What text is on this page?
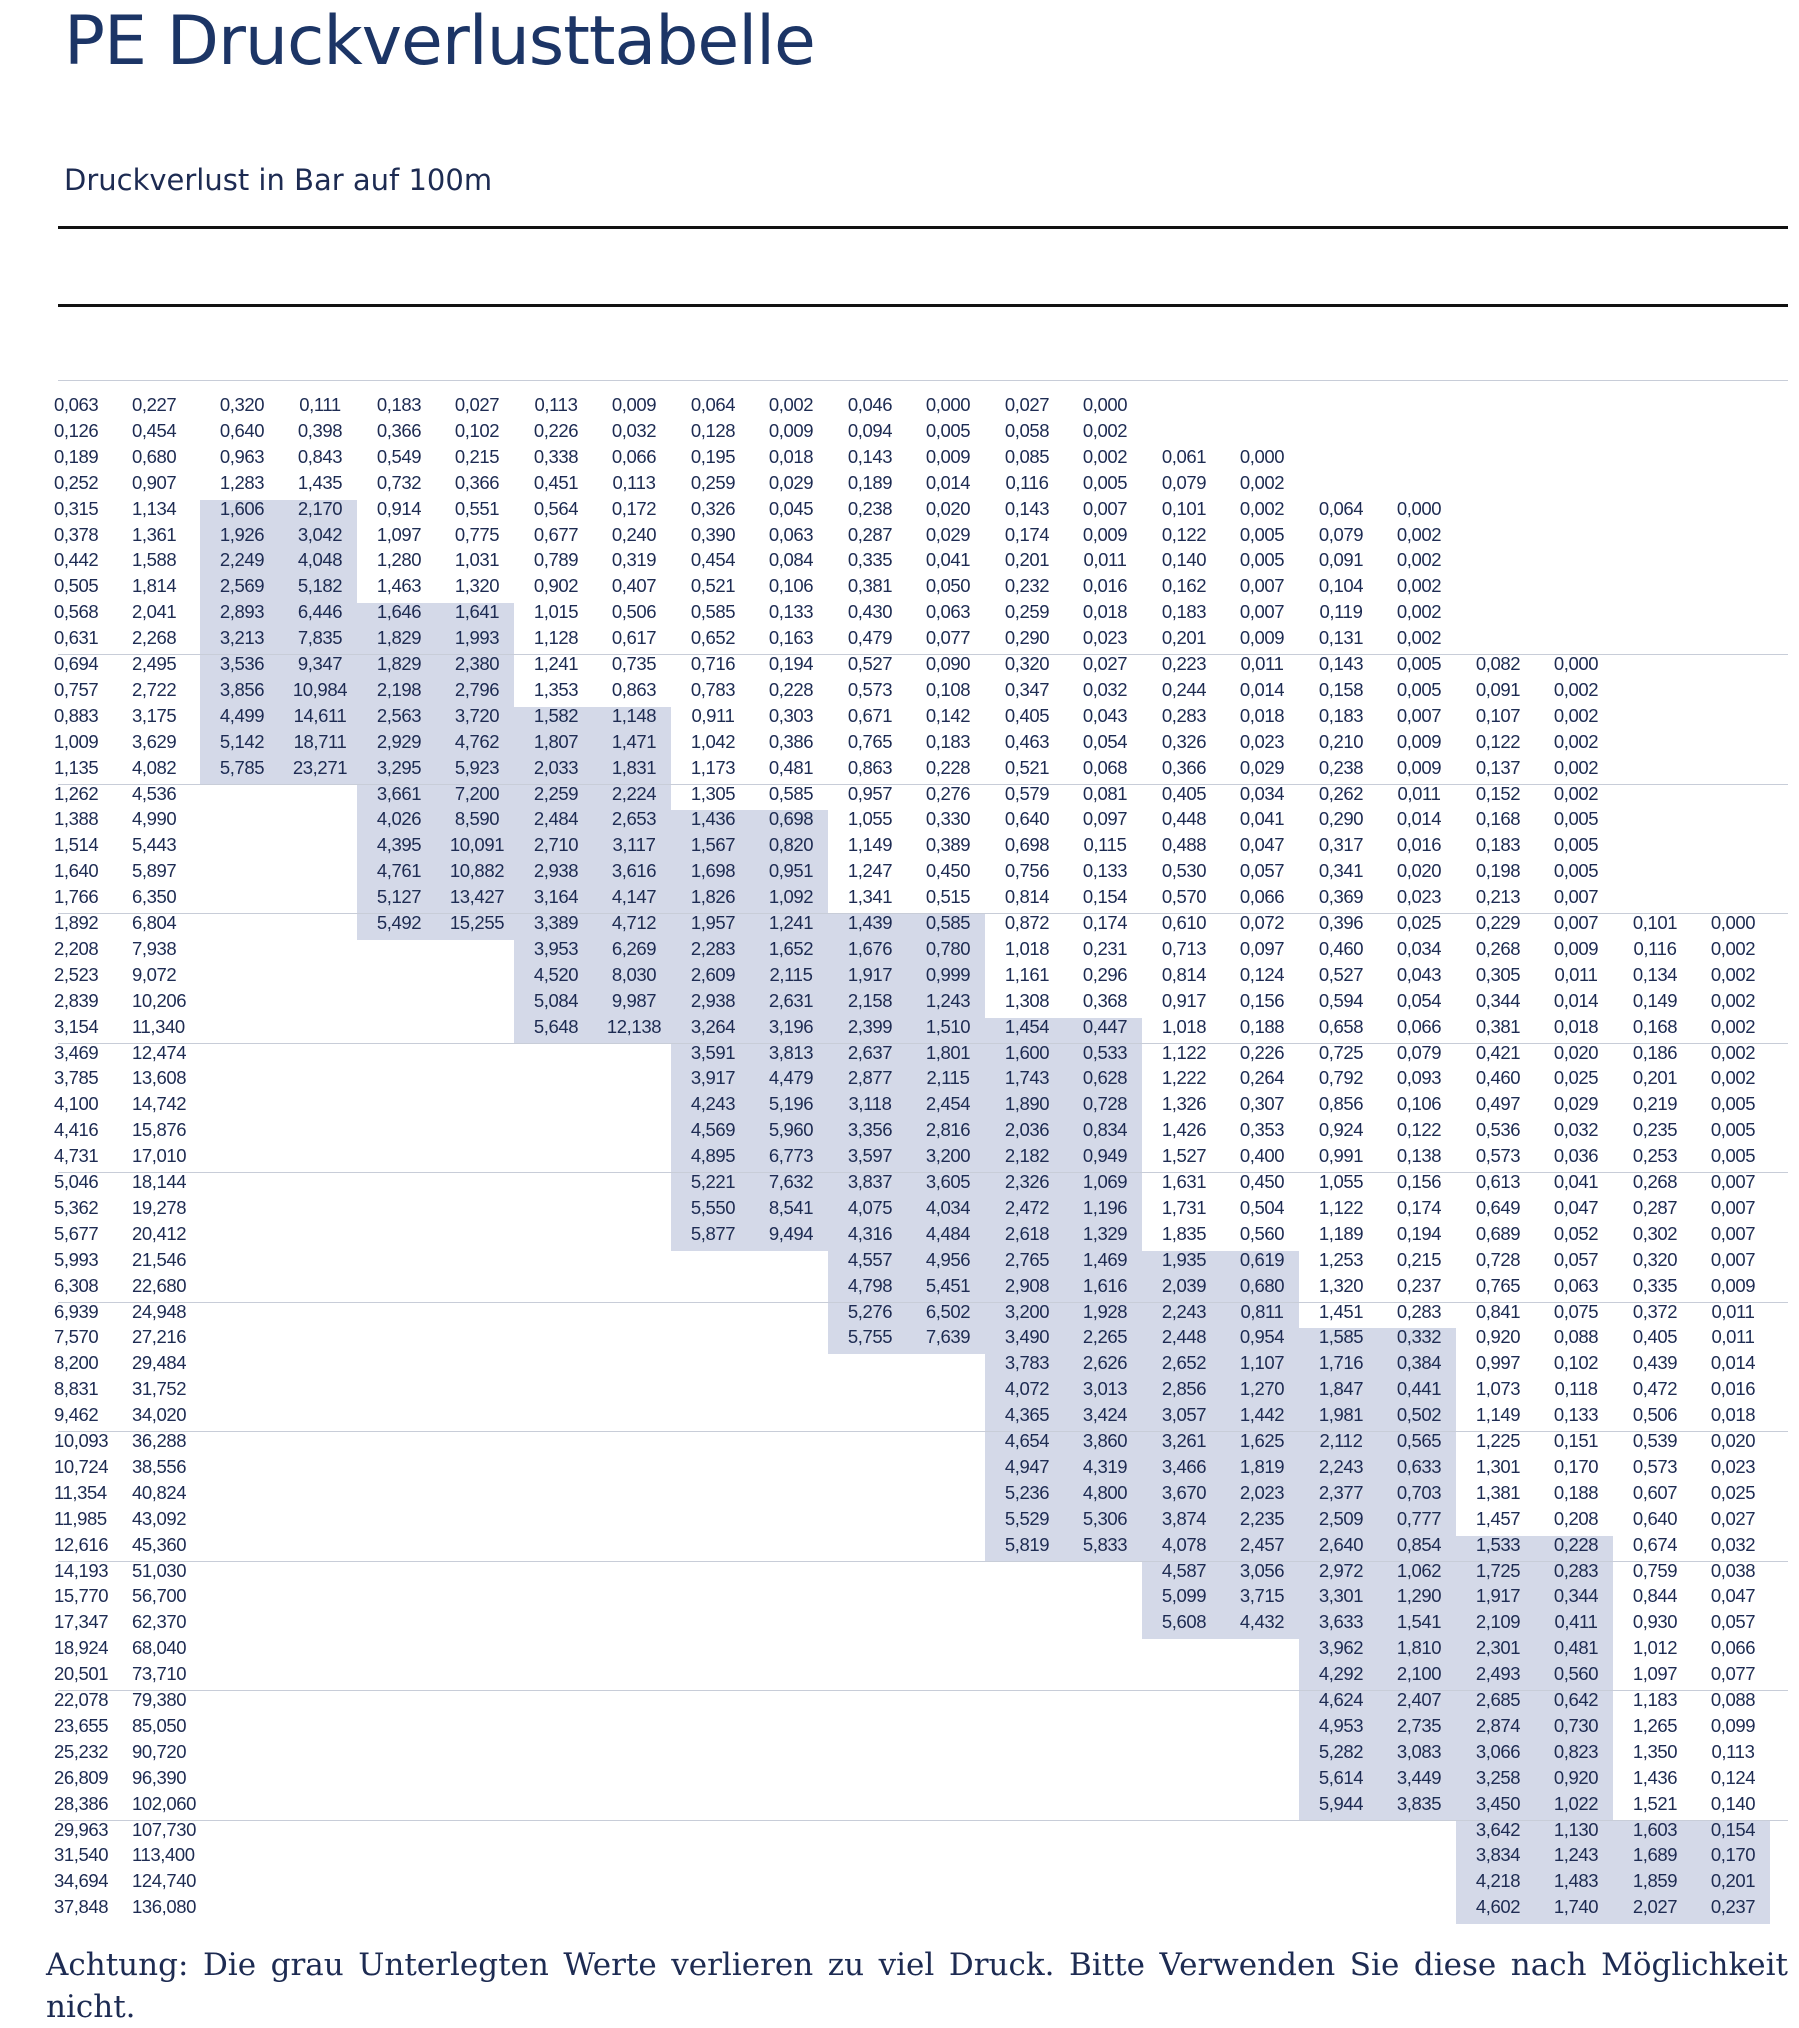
PE Druckverlusttabelle
Druckverlust in Bar auf 100m
0,063	0,227	0,320	0,111	0,183	0,027	0,113	0,009	0,064	0,002	0,046	0,000	0,027	0,000
0,126	0,454	0,640	0,398	0,366	0,102	0,226	0,032	0,128	0,009	0,094	0,005	0,058	0,002
0,189	0,680	0,963	0,843	0,549	0,215	0,338	0,066	0,195	0,018	0,143	0,009	0,085	0,002	0,061	0,000
0,252	0,907	1,283	1,435	0,732	0,366	0,451	0,113	0,259	0,029	0,189	0,014	0,116	0,005	0,079	0,002
0,315	1,134	1,606	2,170	0,914	0,551	0,564	0,172	0,326	0,045	0,238	0,020	0,143	0,007	0,101	0,002	0,064	0,000
0,378	1,361	1,926	3,042	1,097	0,775	0,677	0,240	0,390	0,063	0,287	0,029	0,174	0,009	0,122	0,005	0,079	0,002
0,442	1,588	2,249	4,048	1,280	1,031	0,789	0,319	0,454	0,084	0,335	0,041	0,201	0,011	0,140	0,005	0,091	0,002
0,505	1,814	2,569	5,182	1,463	1,320	0,902	0,407	0,521	0,106	0,381	0,050	0,232	0,016	0,162	0,007	0,104	0,002
0,568	2,041	2,893	6,446	1,646	1,641	1,015	0,506	0,585	0,133	0,430	0,063	0,259	0,018	0,183	0,007	0,119	0,002
0,631	2,268	3,213	7,835	1,829	1,993	1,128	0,617	0,652	0,163	0,479	0,077	0,290	0,023	0,201	0,009	0,131	0,002
0,694	2,495	3,536	9,347	1,829	2,380	1,241	0,735	0,716	0,194	0,527	0,090	0,320	0,027	0,223	0,011	0,143	0,005	0,082	0,000
0,757	2,722	3,856	10,984	2,198	2,796	1,353	0,863	0,783	0,228	0,573	0,108	0,347	0,032	0,244	0,014	0,158	0,005	0,091	0,002
0,883	3,175	4,499	14,611	2,563	3,720	1,582	1,148	0,911	0,303	0,671	0,142	0,405	0,043	0,283	0,018	0,183	0,007	0,107	0,002
1,009	3,629	5,142	18,711	2,929	4,762	1,807	1,471	1,042	0,386	0,765	0,183	0,463	0,054	0,326	0,023	0,210	0,009	0,122	0,002
1,135	4,082	5,785	23,271	3,295	5,923	2,033	1,831	1,173	0,481	0,863	0,228	0,521	0,068	0,366	0,029	0,238	0,009	0,137	0,002
1,262	4,536	3,661	7,200	2,259	2,224	1,305	0,585	0,957	0,276	0,579	0,081	0,405	0,034	0,262	0,011	0,152	0,002
1,388	4,990	4,026	8,590	2,484	2,653	1,436	0,698	1,055	0,330	0,640	0,097	0,448	0,041	0,290	0,014	0,168	0,005
1,514	5,443	4,395	10,091	2,710	3,117	1,567	0,820	1,149	0,389	0,698	0,115	0,488	0,047	0,317	0,016	0,183	0,005
1,640	5,897	4,761	10,882	2,938	3,616	1,698	0,951	1,247	0,450	0,756	0,133	0,530	0,057	0,341	0,020	0,198	0,005
1,766	6,350	5,127	13,427	3,164	4,147	1,826	1,092	1,341	0,515	0,814	0,154	0,570	0,066	0,369	0,023	0,213	0,007
1,892	6,804	5,492	15,255	3,389	4,712	1,957	1,241	1,439	0,585	0,872	0,174	0,610	0,072	0,396	0,025	0,229	0,007	0,101	0,000
2,208	7,938	3,953	6,269	2,283	1,652	1,676	0,780	1,018	0,231	0,713	0,097	0,460	0,034	0,268	0,009	0,116	0,002
2,523	9,072	4,520	8,030	2,609	2,115	1,917	0,999	1,161	0,296	0,814	0,124	0,527	0,043	0,305	0,011	0,134	0,002
2,839	10,206	5,084	9,987	2,938	2,631	2,158	1,243	1,308	0,368	0,917	0,156	0,594	0,054	0,344	0,014	0,149	0,002
3,154	11,340	5,648	12,138	3,264	3,196	2,399	1,510	1,454	0,447	1,018	0,188	0,658	0,066	0,381	0,018	0,168	0,002
3,469	12,474	3,591	3,813	2,637	1,801	1,600	0,533	1,122	0,226	0,725	0,079	0,421	0,020	0,186	0,002
3,785	13,608	3,917	4,479	2,877	2,115	1,743	0,628	1,222	0,264	0,792	0,093	0,460	0,025	0,201	0,002
4,100	14,742	4,243	5,196	3,118	2,454	1,890	0,728	1,326	0,307	0,856	0,106	0,497	0,029	0,219	0,005
4,416	15,876	4,569	5,960	3,356	2,816	2,036	0,834	1,426	0,353	0,924	0,122	0,536	0,032	0,235	0,005
4,731	17,010	4,895	6,773	3,597	3,200	2,182	0,949	1,527	0,400	0,991	0,138	0,573	0,036	0,253	0,005
5,046	18,144	5,221	7,632	3,837	3,605	2,326	1,069	1,631	0,450	1,055	0,156	0,613	0,041	0,268	0,007
5,362	19,278	5,550	8,541	4,075	4,034	2,472	1,196	1,731	0,504	1,122	0,174	0,649	0,047	0,287	0,007
5,677	20,412	5,877	9,494	4,316	4,484	2,618	1,329	1,835	0,560	1,189	0,194	0,689	0,052	0,302	0,007
5,993	21,546	4,557	4,956	2,765	1,469	1,935	0,619	1,253	0,215	0,728	0,057	0,320	0,007
6,308	22,680	4,798	5,451	2,908	1,616	2,039	0,680	1,320	0,237	0,765	0,063	0,335	0,009
6,939	24,948	5,276	6,502	3,200	1,928	2,243	0,811	1,451	0,283	0,841	0,075	0,372	0,011
7,570	27,216	5,755	7,639	3,490	2,265	2,448	0,954	1,585	0,332	0,920	0,088	0,405	0,011
8,200	29,484	3,783	2,626	2,652	1,107	1,716	0,384	0,997	0,102	0,439	0,014
8,831	31,752	4,072	3,013	2,856	1,270	1,847	0,441	1,073	0,118	0,472	0,016
9,462	34,020	4,365	3,424	3,057	1,442	1,981	0,502	1,149	0,133	0,506	0,018
10,093	36,288	4,654	3,860	3,261	1,625	2,112	0,565	1,225	0,151	0,539	0,020
10,724	38,556	4,947	4,319	3,466	1,819	2,243	0,633	1,301	0,170	0,573	0,023
11,354	40,824	5,236	4,800	3,670	2,023	2,377	0,703	1,381	0,188	0,607	0,025
11,985	43,092	5,529	5,306	3,874	2,235	2,509	0,777	1,457	0,208	0,640	0,027
12,616	45,360	5,819	5,833	4,078	2,457	2,640	0,854	1,533	0,228	0,674	0,032
14,193	51,030	4,587	3,056	2,972	1,062	1,725	0,283	0,759	0,038
15,770	56,700	5,099	3,715	3,301	1,290	1,917	0,344	0,844	0,047
17,347	62,370	5,608	4,432	3,633	1,541	2,109	0,411	0,930	0,057
18,924	68,040	3,962	1,810	2,301	0,481	1,012	0,066
20,501	73,710	4,292	2,100	2,493	0,560	1,097	0,077
22,078	79,380	4,624	2,407	2,685	0,642	1,183	0,088
23,655	85,050	4,953	2,735	2,874	0,730	1,265	0,099
25,232	90,720	5,282	3,083	3,066	0,823	1,350	0,113
26,809	96,390	5,614	3,449	3,258	0,920	1,436	0,124
28,386	102,060	5,944	3,835	3,450	1,022	1,521	0,140
29,963	107,730	3,642	1,130	1,603	0,154
31,540	113,400	3,834	1,243	1,689	0,170
34,694	124,740	4,218	1,483	1,859	0,201
37,848	136,080	4,602	1,740	2,027	0,237
Achtung: Die grau Unterlegten Werte verlieren zu viel Druck. Bitte Verwenden Sie diese nach Möglichkeit nicht.
